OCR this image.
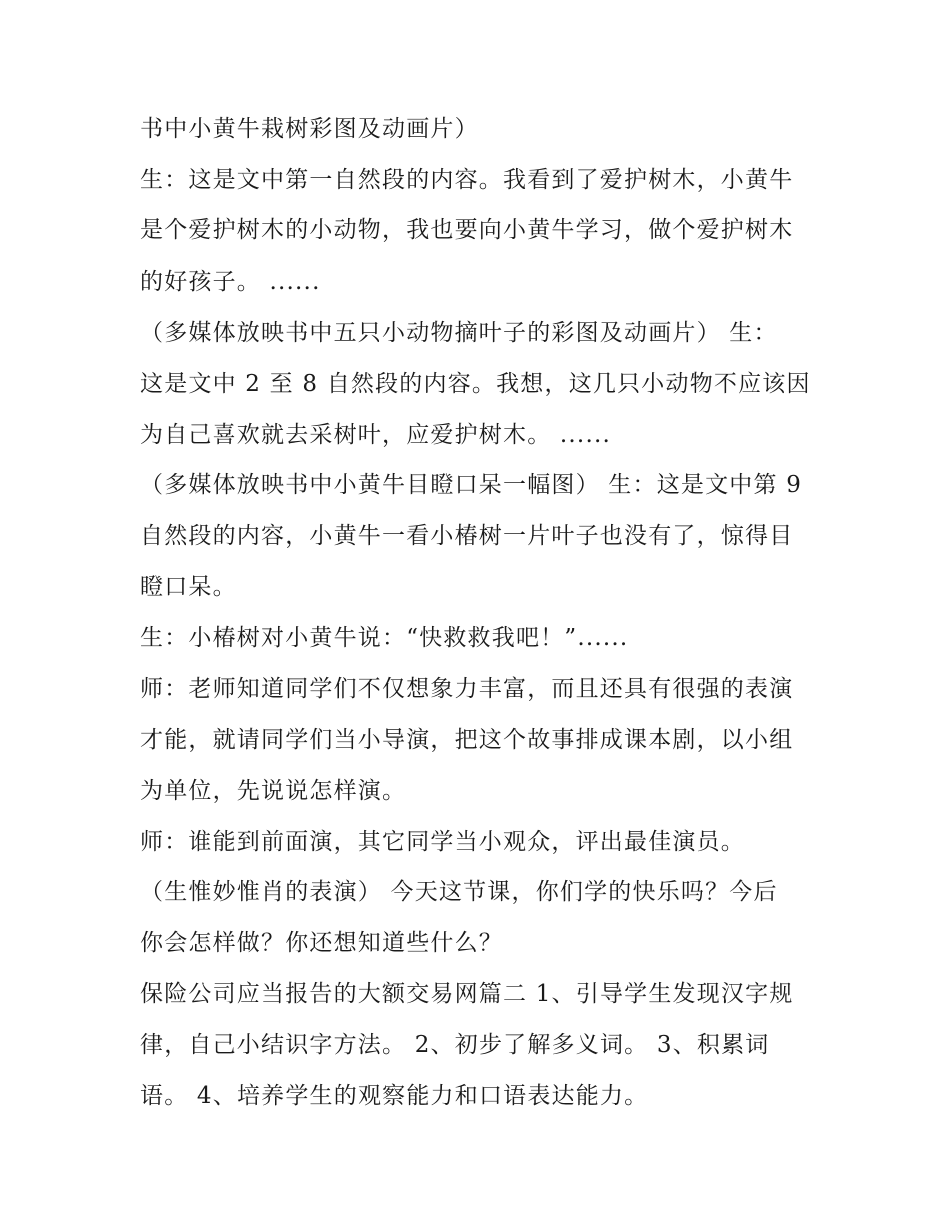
书中小黄牛栽树彩图及动画片）
生：这是文中第一自然段的内容。我看到了爱护树木，小黄牛
是个爱护树木的小动物，我也要向小黄牛学习，做个爱护树木
的好孩子。 ......
（多媒体放映书中五只小动物摘叶子的彩图及动画片） 生：
这是文中 2 至 8 自然段的内容。我想，这几只小动物不应该因
为自己喜欢就去采树叶，应爱护树木。 ......
（多媒体放映书中小黄牛目瞪口呆一幅图） 生：这是文中第 9
自然段的内容，小黄牛一看小椿树一片叶子也没有了，惊得目
瞪口呆。
生：小椿树对小黄牛说：“快救救我吧！”......
师：老师知道同学们不仅想象力丰富，而且还具有很强的表演
才能，就请同学们当小导演，把这个故事排成课本剧，以小组
为单位，先说说怎样演。
师：谁能到前面演，其它同学当小观众，评出最佳演员。
（生惟妙惟肖的表演） 今天这节课，你们学的快乐吗？今后
你会怎样做？你还想知道些什么？
保险公司应当报告的大额交易网篇二 1、引导学生发现汉字规
律，自己小结识字方法。 2、初步了解多义词。 3、积累词
语。 4、培养学生的观察能力和口语表达能力。
